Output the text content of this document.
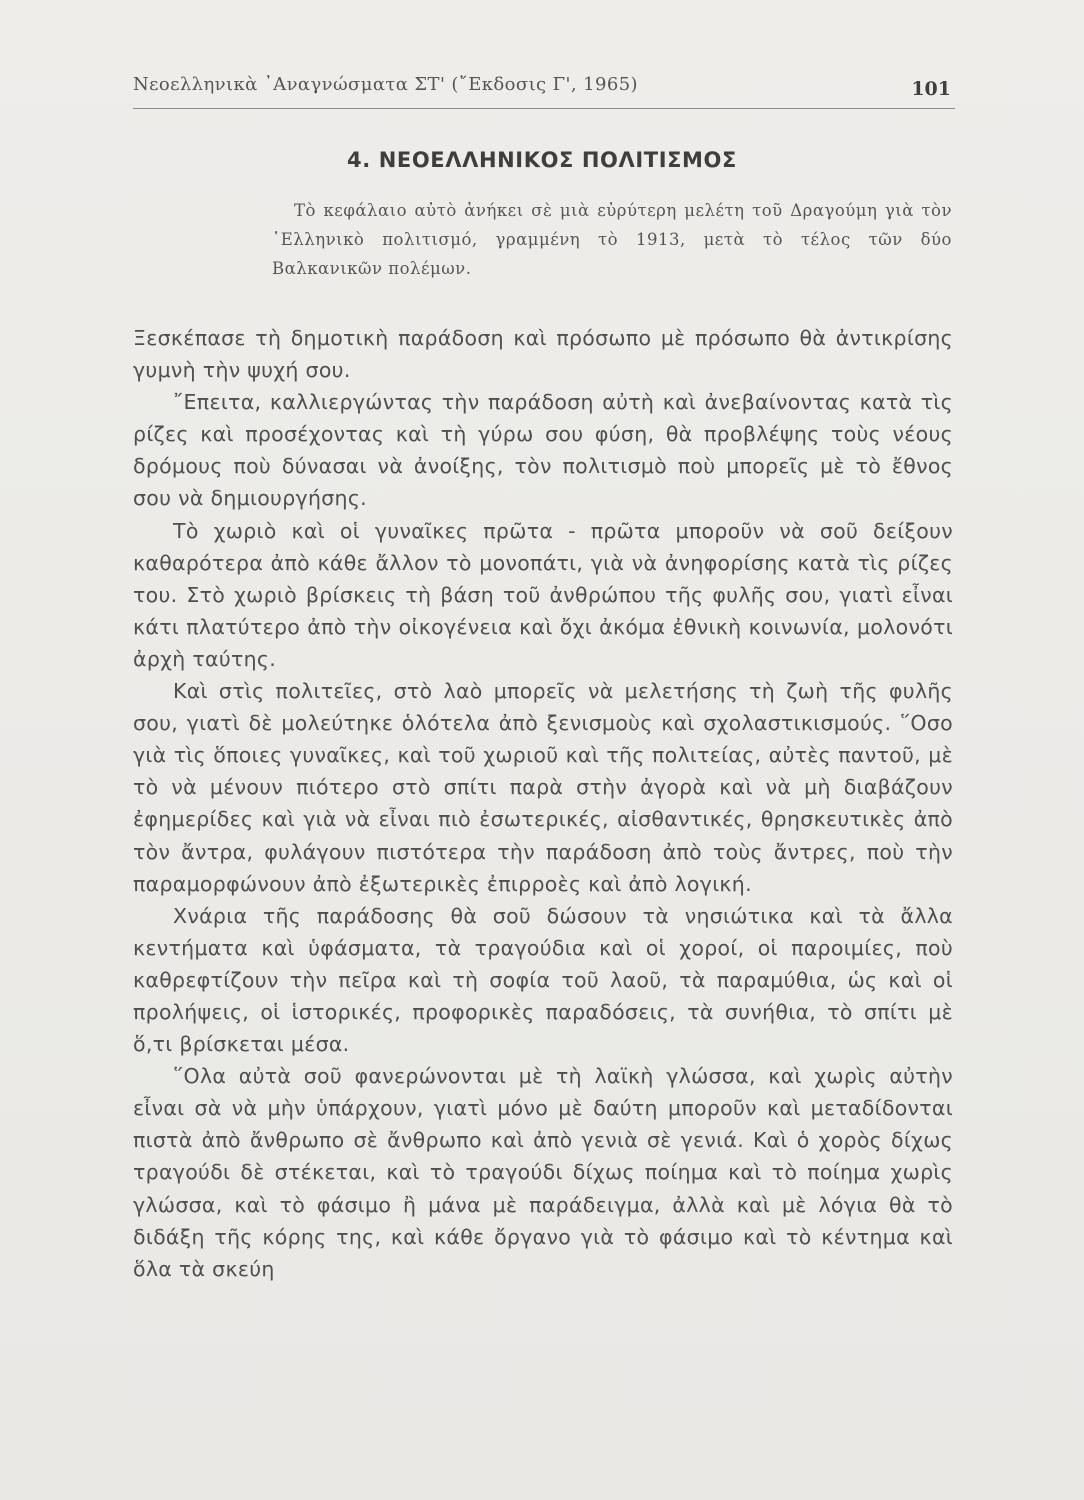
Νεοελληνικὰ ᾿Αναγνώσματα ΣΤ' (῎Εκδοσις Γ', 1965)	101
4. ΝΕΟΕΛΛΗΝΙΚΟΣ ΠΟΛΙΤΙΣΜΟΣ
Τὸ κεφάλαιο αὐτὸ ἀνήκει σὲ μιὰ εὐρύτερη μελέτη τοῦ Δραγούμη γιὰ τὸν ῾Ελληνικὸ πολιτισμό, γραμμένη τὸ 1913, μετὰ τὸ τέλος τῶν δύο Βαλκανικῶν πολέμων.

Ξεσκέπασε τὴ δημοτικὴ παράδοση καὶ πρόσωπο μὲ πρόσωπο θὰ ἀντικρίσης γυμνὴ τὴν ψυχή σου.

῎Επειτα, καλλιεργώντας τὴν παράδοση αὐτὴ καὶ ἀνεβαίνοντας κατὰ τὶς ρίζες καὶ προσέχοντας καὶ τὴ γύρω σου φύση, θὰ προβλέψης τοὺς νέους δρόμους ποὺ δύνασαι νὰ ἀνοίξης, τὸν πολιτισμὸ ποὺ μπορεῖς μὲ τὸ ἔθνος σου νὰ δημιουργήσης.

Τὸ χωριὸ καὶ οἱ γυναῖκες πρῶτα - πρῶτα μποροῦν νὰ σοῦ δείξουν καθαρότερα ἀπὸ κάθε ἄλλον τὸ μονοπάτι, γιὰ νὰ ἀνηφορίσης κατὰ τὶς ρίζες του. Στὸ χωριὸ βρίσκεις τὴ βάση τοῦ ἀνθρώπου τῆς φυλῆς σου, γιατὶ εἶναι κάτι πλατύτερο ἀπὸ τὴν οἰκογένεια καὶ ὄχι ἀκόμα ἐθνικὴ κοινωνία, μολονότι ἀρχὴ ταύτης.

Καὶ στὶς πολιτεῖες, στὸ λαὸ μπορεῖς νὰ μελετήσης τὴ ζωὴ τῆς φυλῆς σου, γιατὶ δὲ μολεύτηκε ὁλότελα ἀπὸ ξενισμοὺς καὶ σχολαστικισμούς. ῞Οσο γιὰ τὶς ὅποιες γυναῖκες, καὶ τοῦ χωριοῦ καὶ τῆς πολιτείας, αὐτὲς παντοῦ, μὲ τὸ νὰ μένουν πιότερο στὸ σπίτι παρὰ στὴν ἀγορὰ καὶ νὰ μὴ διαβάζουν ἐφημερίδες καὶ γιὰ νὰ εἶναι πιὸ ἐσωτερικές, αἰσθαντικές, θρησκευτικὲς ἀπὸ τὸν ἄντρα, φυλάγουν πιστότερα τὴν παράδοση ἀπὸ τοὺς ἄντρες, ποὺ τὴν παραμορφώνουν ἀπὸ ἐξωτερικὲς ἐπιρροὲς καὶ ἀπὸ λογική.

Χνάρια τῆς παράδοσης θὰ σοῦ δώσουν τὰ νησιώτικα καὶ τὰ ἄλλα κεντήματα καὶ ὑφάσματα, τὰ τραγούδια καὶ οἱ χοροί, οἱ παροιμίες, ποὺ καθρεφτίζουν τὴν πεῖρα καὶ τὴ σοφία τοῦ λαοῦ, τὰ παραμύθια, ὡς καὶ οἱ προλήψεις, οἱ ἱστορικές, προφορικὲς παραδόσεις, τὰ συνήθια, τὸ σπίτι μὲ ὅ,τι βρίσκεται μέσα.

῞Ολα αὐτὰ σοῦ φανερώνονται μὲ τὴ λαϊκὴ γλώσσα, καὶ χωρὶς αὐτὴν εἶναι σὰ νὰ μὴν ὑπάρχουν, γιατὶ μόνο μὲ δαύτη μποροῦν καὶ μεταδίδονται πιστὰ ἀπὸ ἄνθρωπο σὲ ἄνθρωπο καὶ ἀπὸ γενιὰ σὲ γενιά. Καὶ ὁ χορὸς δίχως τραγούδι δὲ στέκεται, καὶ τὸ τραγούδι δίχως ποίημα καὶ τὸ ποίημα χωρὶς γλώσσα, καὶ τὸ φάσιμο ἢ μάνα μὲ παράδειγμα, ἀλλὰ καὶ μὲ λόγια θὰ τὸ διδάξη τῆς κόρης της, καὶ κάθε ὄργανο γιὰ τὸ φάσιμο καὶ τὸ κέντημα καὶ ὅλα τὰ σκεύη
